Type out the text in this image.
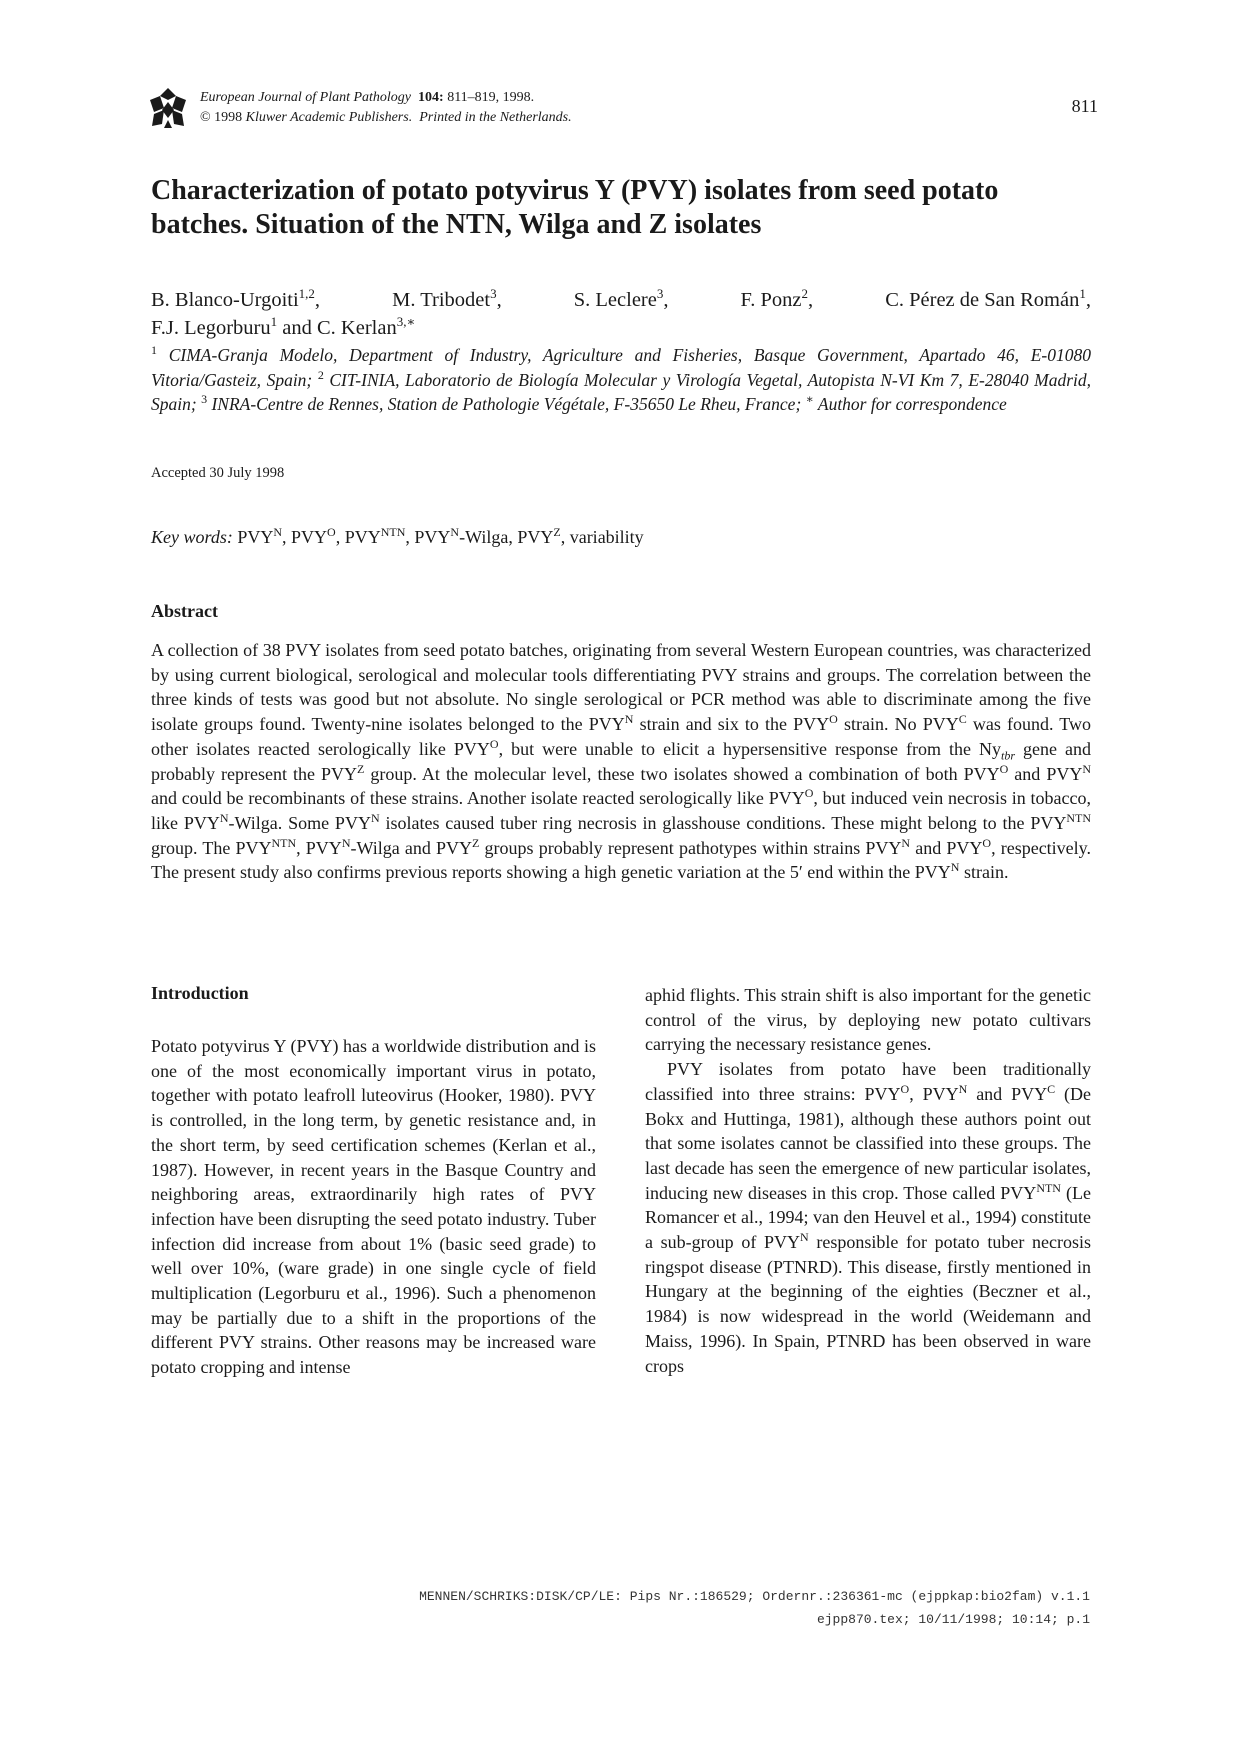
European Journal of Plant Pathology 104: 811–819, 1998.
© 1998 Kluwer Academic Publishers. Printed in the Netherlands.
811
Characterization of potato potyvirus Y (PVY) isolates from seed potato
batches. Situation of the NTN, Wilga and Z isolates
B. Blanco-Urgoiti$^{1,2}$,	M. Tribodet$^3$,	S. Leclere$^3$,	F. Ponz$^2$,	C. Pérez de San Román$^1$,
F.J. Legorburu$^1$ and C. Kerlan$^{3,∗}$
$^1$ CIMA-Granja Modelo, Department of Industry, Agriculture and Fisheries, Basque Government, Apartado 46, E-01080 Vitoria/Gasteiz, Spain; $^2$ CIT-INIA, Laboratorio de Biología Molecular y Virología Vegetal, Autopista N-VI Km 7, E-28040 Madrid, Spain; $^3$ INRA-Centre de Rennes, Station de Pathologie Végétale, F-35650 Le Rheu, France; ∗ Author for correspondence
Accepted 30 July 1998
Key words: $PVY^N$, $PVY^O$, $PVY^{NTN}$, $PVY^N$-Wilga, $PVY^Z$, variability
Abstract
A collection of 38 PVY isolates from seed potato batches, originating from several Western European countries, was characterized by using current biological, serological and molecular tools differentiating PVY strains and groups. The correlation between the three kinds of tests was good but not absolute. No single serological or PCR method was able to discriminate among the five isolate groups found. Twenty-nine isolates belonged to the $PVY^N$ strain and six to the $PVY^O$ strain. No $PVY^C$ was found. Two other isolates reacted serologically like $PVY^O$, but were unable to elicit a hypersensitive response from the $Ny_{tbr}$ gene and probably represent the $PVY^Z$ group. At the molecular level, these two isolates showed a combination of both $PVY^O$ and $PVY^N$ and could be recombinants of these strains. Another isolate reacted serologically like $PVY^O$, but induced vein necrosis in tobacco, like $PVY^N$-Wilga. Some $PVY^N$ isolates caused tuber ring necrosis in glasshouse conditions. These might belong to the $PVY^{NTN}$ group. The $PVY^{NTN}$, $PVY^N$-Wilga and $PVY^Z$ groups probably represent pathotypes within strains $PVY^N$ and $PVY^O$, respectively. The present study also confirms previous reports showing a high genetic variation at the 5′ end within the $PVY^N$ strain.
Introduction
Potato potyvirus Y (PVY) has a worldwide distribution and is one of the most economically important virus in potato, together with potato leafroll luteovirus (Hooker, 1980). PVY is controlled, in the long term, by genetic resistance and, in the short term, by seed certification schemes (Kerlan et al., 1987). However, in recent years in the Basque Country and neighboring areas, extraordinarily high rates of PVY infection have been disrupting the seed potato industry. Tuber infection did increase from about 1% (basic seed grade) to well over 10%, (ware grade) in one single cycle of field multiplication (Legorburu et al., 1996). Such a phenomenon may be partially due to a shift in the proportions of the different PVY strains. Other reasons may be increased ware potato cropping and intense

aphid flights. This strain shift is also important for the genetic control of the virus, by deploying new potato cultivars carrying the necessary resistance genes.

PVY isolates from potato have been traditionally classified into three strains: $PVY^O$, $PVY^N$ and $PVY^C$ (De Bokx and Huttinga, 1981), although these authors point out that some isolates cannot be classified into these groups. The last decade has seen the emergence of new particular isolates, inducing new diseases in this crop. Those called $PVY^{NTN}$ (Le Romancer et al., 1994; van den Heuvel et al., 1994) constitute a sub-group of $PVY^N$ responsible for potato tuber necrosis ringspot disease (PTNRD). This disease, firstly mentioned in Hungary at the beginning of the eighties (Beczner et al., 1984) is now widespread in the world (Weidemann and Maiss, 1996). In Spain, PTNRD has been observed in ware crops

MENNEN/SCHRIKS:DISK/CP/LE: Pips Nr.:186529; Ordernr.:236361-mc (ejppkap:bio2fam) v.1.1
ejpp870.tex; 10/11/1998; 10:14; p.1
